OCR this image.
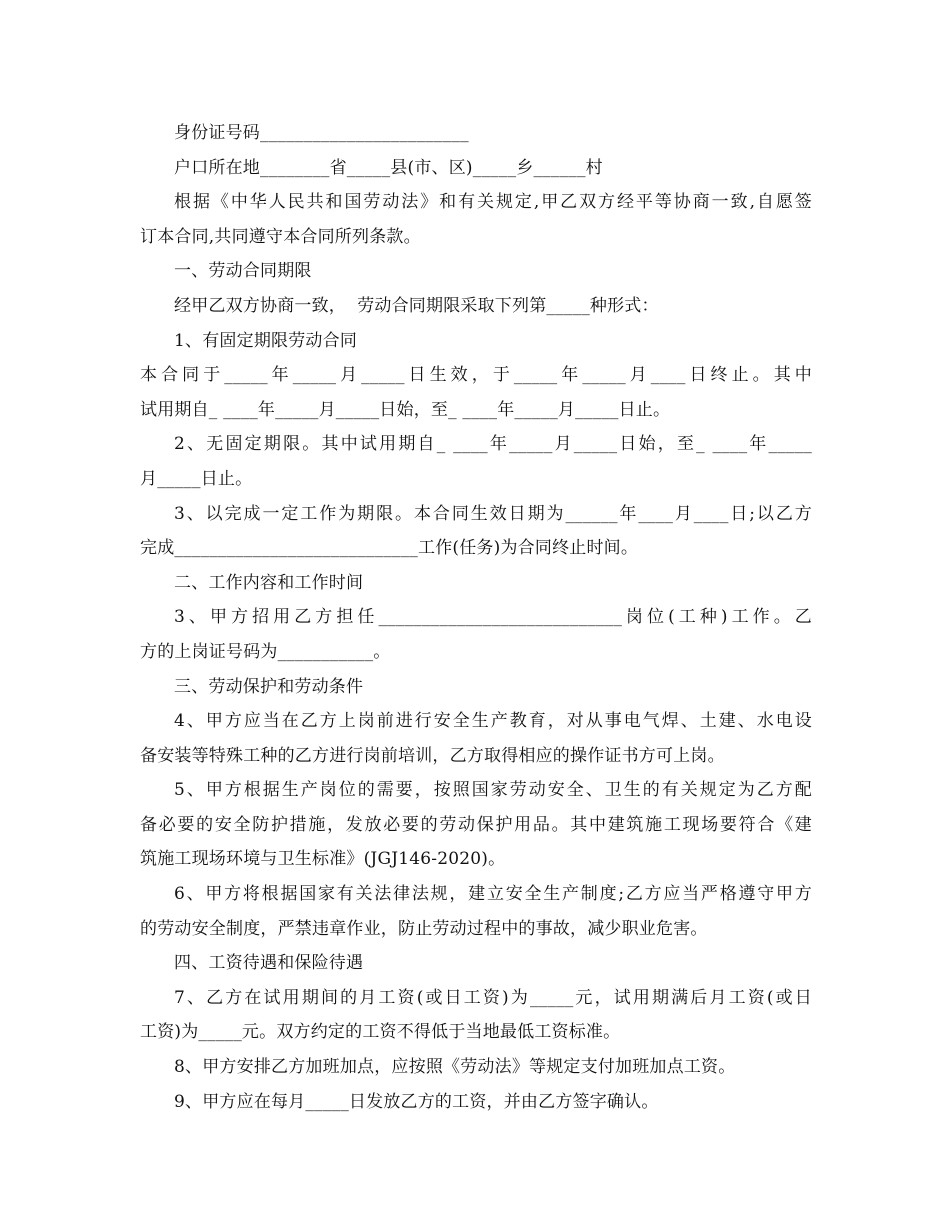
身份证号码________________________
户口所在地________省_____县(市、区)_____乡______村
根据《中华人民共和国劳动法》和有关规定,甲乙双方经平等协商一致,自愿签
订本合同,共同遵守本合同所列条款。
一、劳动合同期限
经甲乙双方协商一致，  劳动合同期限采取下列第_____种形式：
1、有固定期限劳动合同
本合同于_____年_____月_____日生效，于_____年_____月____日终止。其中
试用期自_ ____年_____月_____日始，至_ ____年_____月_____日止。
2、无固定期限。其中试用期自_ ____年_____月_____日始，至_ ____年_____
月_____日止。
3、以完成一定工作为期限。本合同生效日期为______年____月____日;以乙方
完成____________________________工作(任务)为合同终止时间。
二、工作内容和工作时间
3、甲方招用乙方担任____________________________岗位(工种)工作。乙
方的上岗证号码为___________。
三、劳动保护和劳动条件
4、甲方应当在乙方上岗前进行安全生产教育，对从事电气焊、土建、水电设
备安装等特殊工种的乙方进行岗前培训，乙方取得相应的操作证书方可上岗。
5、甲方根据生产岗位的需要，按照国家劳动安全、卫生的有关规定为乙方配
备必要的安全防护措施，发放必要的劳动保护用品。其中建筑施工现场要符合《建
筑施工现场环境与卫生标准》(JGJ146-2020)。
6、甲方将根据国家有关法律法规，建立安全生产制度;乙方应当严格遵守甲方
的劳动安全制度，严禁违章作业，防止劳动过程中的事故，减少职业危害。
四、工资待遇和保险待遇
7、乙方在试用期间的月工资(或日工资)为_____元，试用期满后月工资(或日
工资)为_____元。双方约定的工资不得低于当地最低工资标准。
8、甲方安排乙方加班加点，应按照《劳动法》等规定支付加班加点工资。
9、甲方应在每月_____日发放乙方的工资，并由乙方签字确认。
